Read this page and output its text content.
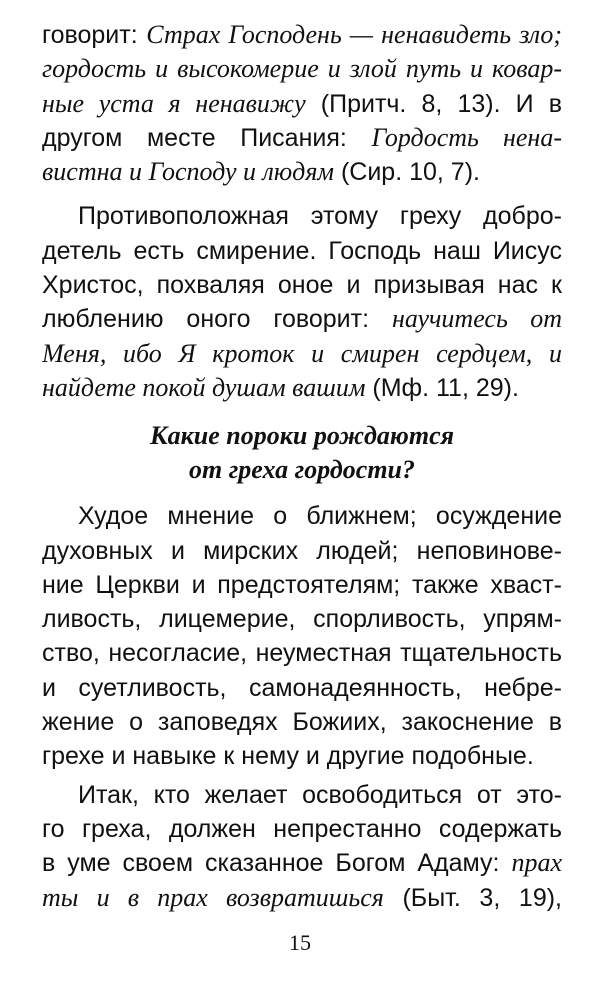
говорит: Страх Господень — ненавидеть зло;
гордость и высокомерие и злой путь и ковар-
ные уста я ненавижу (Притч. 8, 13). И в
другом месте Писания: Гордость нена-
вистна и Господу и людям (Сир. 10, 7).
Противоположная этому греху добро-
детель есть смирение. Господь наш Иисус
Христос, похваляя оное и призывая нас к
люблению оного говорит: научитесь от
Меня, ибо Я кроток и смирен сердцем, и
найдете покой душам вашим (Мф. 11, 29).
Какие пороки рождаются
от греха гордости?
Худое мнение о ближнем; осуждение
духовных и мирских людей; неповинове-
ние Церкви и предстоятелям; также хваст-
ливость, лицемерие, спорливость, упрям-
ство, несогласие, неуместная тщательность
и суетливость, самонадеянность, небре-
жение о заповедях Божиих, закоснение в
грехе и навыке к нему и другие подобные.
Итак, кто желает освободиться от это-
го греха, должен непрестанно содержать
в уме своем сказанное Богом Адаму: прах
ты и в прах возвратишься (Быт. 3, 19),
15
